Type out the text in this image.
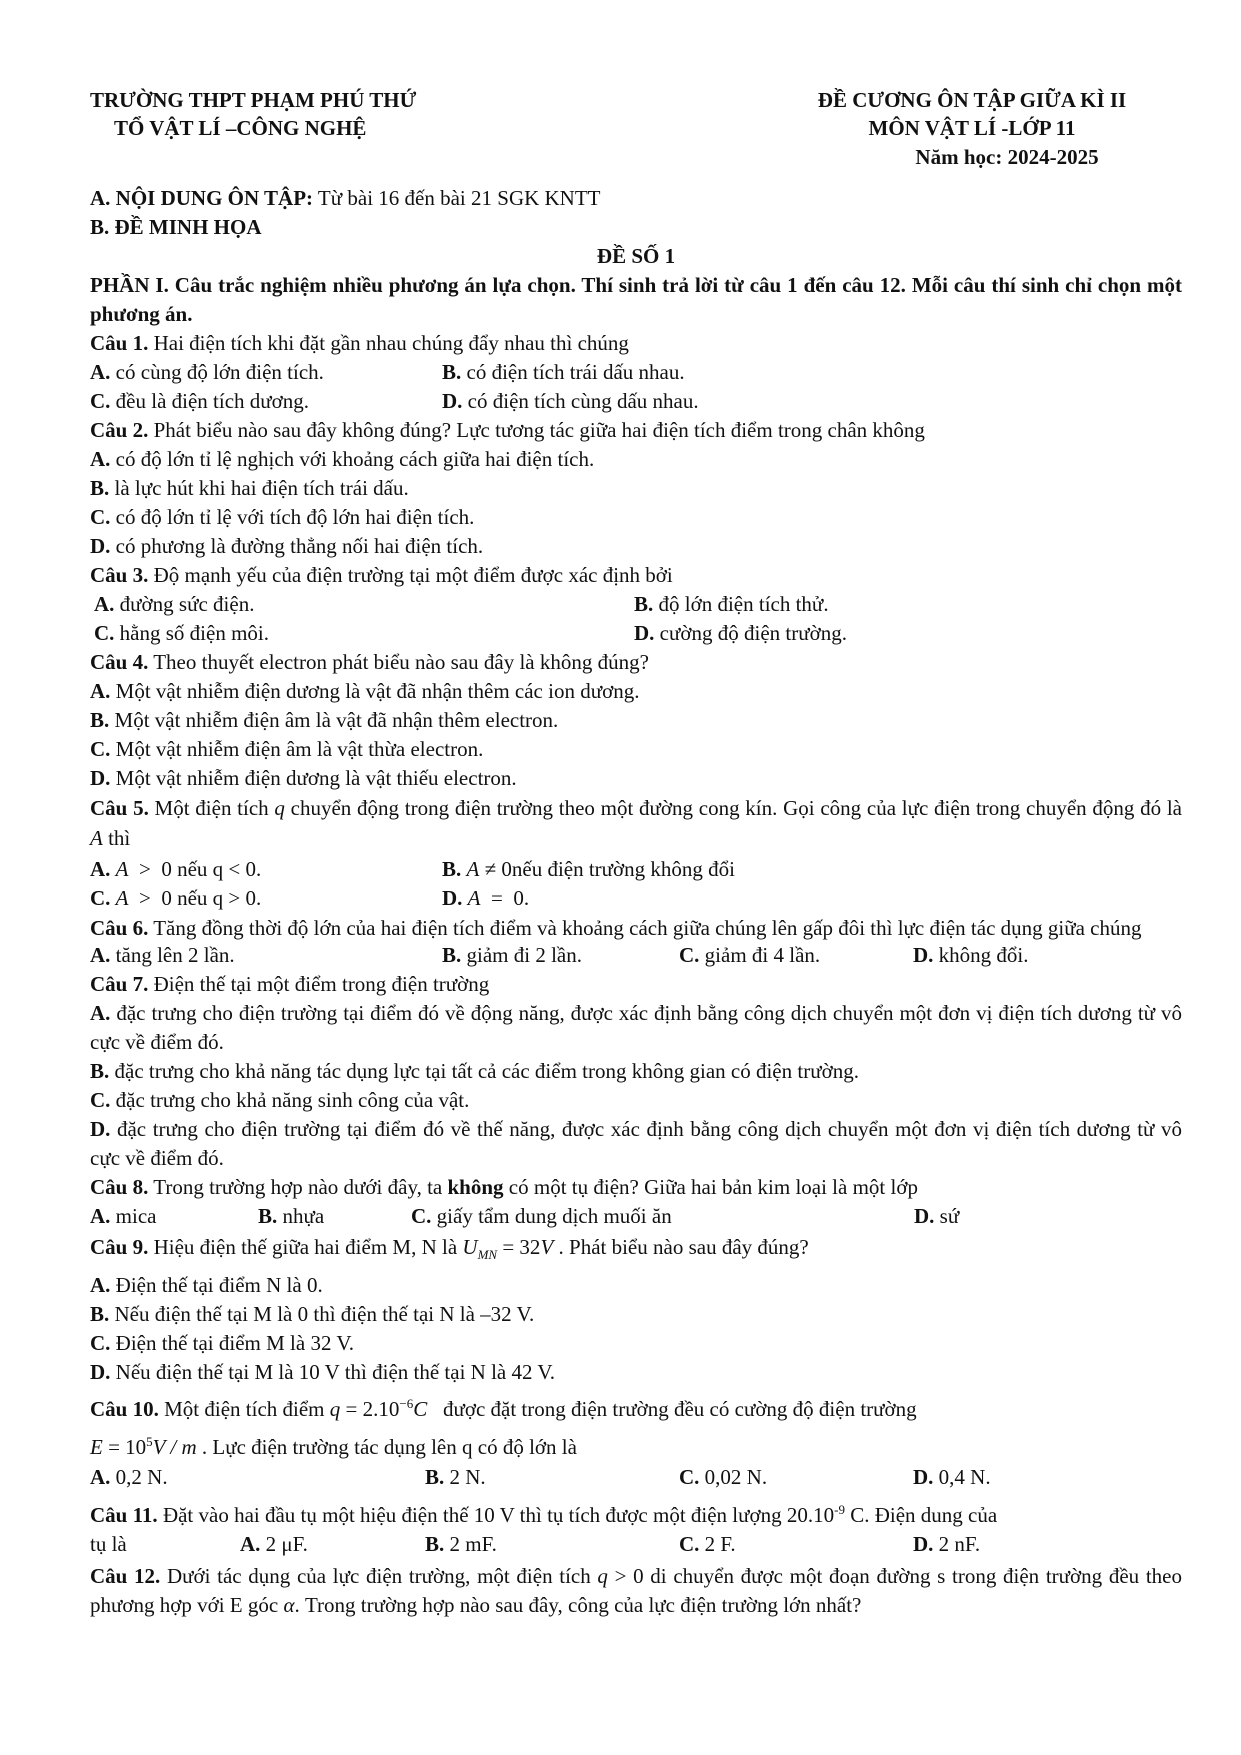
TRƯỜNG THPT PHẠM PHÚ THỨ
TỔ VẬT LÍ –CÔNG NGHỆ
ĐỀ CƯƠNG ÔN TẬP GIỮA KÌ II
MÔN VẬT LÍ -LỚP 11
Năm học: 2024-2025
A. NỘI DUNG ÔN TẬP: Từ bài 16 đến bài 21 SGK KNTT
B. ĐỀ MINH HỌA
ĐỀ SỐ 1
PHẦN I. Câu trắc nghiệm nhiều phương án lựa chọn. Thí sinh trả lời từ câu 1 đến câu 12. Mỗi câu thí sinh chỉ chọn một phương án.
Câu 1. Hai điện tích khi đặt gần nhau chúng đẩy nhau thì chúng
A. có cùng độ lớn điện tích.	B. có điện tích trái dấu nhau.
C. đều là điện tích dương.	D. có điện tích cùng dấu nhau.
Câu 2. Phát biểu nào sau đây không đúng? Lực tương tác giữa hai điện tích điểm trong chân không
A. có độ lớn tỉ lệ nghịch với khoảng cách giữa hai điện tích.
B. là lực hút khi hai điện tích trái dấu.
C. có độ lớn tỉ lệ với tích độ lớn hai điện tích.
D. có phương là đường thẳng nối hai điện tích.
Câu 3. Độ mạnh yếu của điện trường tại một điểm được xác định bởi
A. đường sức điện.	B. độ lớn điện tích thử.
C. hằng số điện môi.	D. cường độ điện trường.
Câu 4. Theo thuyết electron phát biểu nào sau đây là không đúng?
A. Một vật nhiễm điện dương là vật đã nhận thêm các ion dương.
B. Một vật nhiễm điện âm là vật đã nhận thêm electron.
C. Một vật nhiễm điện âm là vật thừa electron.
D. Một vật nhiễm điện dương là vật thiếu electron.
Câu 5. Một điện tích q chuyển động trong điện trường theo một đường cong kín. Gọi công của lực điện trong chuyển động đó là A thì
A. A  >  0 nếu q < 0.	B. A ≠ 0nếu điện trường không đổi
C. A  >  0 nếu q > 0.	D. A  =  0.
Câu 6. Tăng đồng thời độ lớn của hai điện tích điểm và khoảng cách giữa chúng lên gấp đôi thì lực điện tác dụng giữa chúng
A. tăng lên 2 lần.	B. giảm đi 2 lần.	C. giảm đi 4 lần.	D. không đổi.
Câu 7. Điện thế tại một điểm trong điện trường
A. đặc trưng cho điện trường tại điểm đó về động năng, được xác định bằng công dịch chuyển một đơn vị điện tích dương từ vô cực về điểm đó.
B. đặc trưng cho khả năng tác dụng lực tại tất cả các điểm trong không gian có điện trường.
C. đặc trưng cho khả năng sinh công của vật.
D. đặc trưng cho điện trường tại điểm đó về thế năng, được xác định bằng công dịch chuyển một đơn vị điện tích dương từ vô cực về điểm đó.
Câu 8. Trong trường hợp nào dưới đây, ta không có một tụ điện? Giữa hai bản kim loại là một lớp
A. mica	B. nhựa	C. giấy tẩm dung dịch muối ăn	D. sứ
Câu 9. Hiệu điện thế giữa hai điểm M, N là $U_{MN} = 32V$ . Phát biểu nào sau đây đúng?
A. Điện thế tại điểm N là 0.
B. Nếu điện thế tại M là 0 thì điện thế tại N là –32 V.
C. Điện thế tại điểm M là 32 V.
D. Nếu điện thế tại M là 10 V thì điện thế tại N là 42 V.
Câu 10. Một điện tích điểm $q = 2.10^{-6}C$   được đặt trong điện trường đều có cường độ điện trường
$E = 10^5V / m$ . Lực điện trường tác dụng lên q có độ lớn là
A. 0,2 N.	B. 2 N.	C. 0,02 N.	D. 0,4 N.
Câu 11. Đặt vào hai đầu tụ một hiệu điện thế 10 V thì tụ tích được một điện lượng $20.10^{-9}$ C. Điện dung của
tụ là	A. 2 μF.	B. 2 mF.	C. 2 F.	D. 2 nF.
Câu 12. Dưới tác dụng của lực điện trường, một điện tích q > 0 di chuyển được một đoạn đường s trong điện trường đều theo phương hợp với E góc α. Trong trường hợp nào sau đây, công của lực điện trường lớn nhất?
